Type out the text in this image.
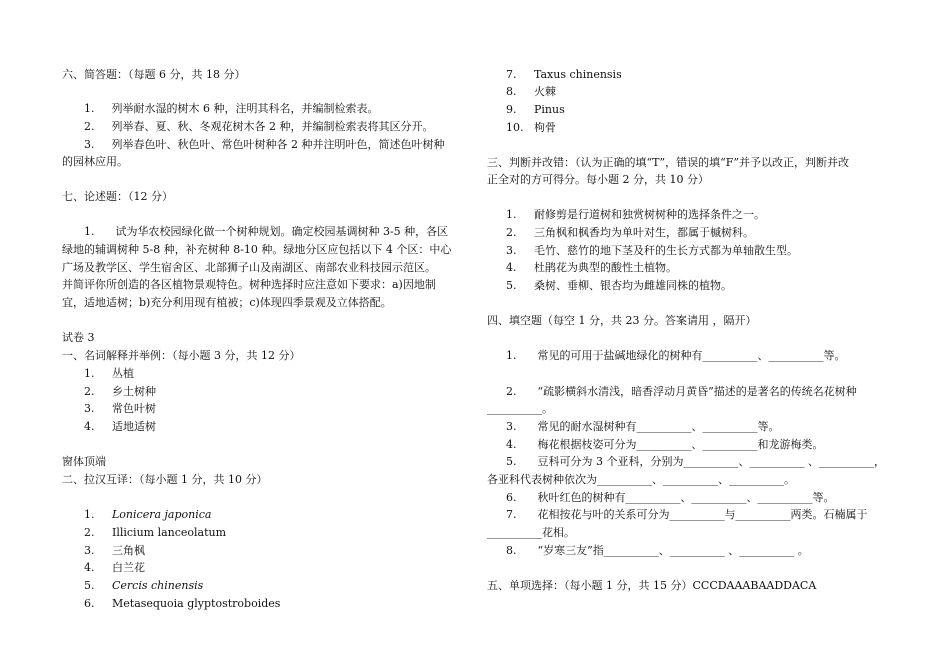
六、简答题：（每题 6 分，共 18 分）
1. 列举耐水湿的树木 6 种，注明其科名，并编制检索表。
2. 列举春、夏、秋、冬观花树木各 2 种，并编制检索表将其区分开。
3. 列举春色叶、秋色叶、常色叶树种各 2 种并注明叶色，简述色叶树种
的园林应用。
七、论述题：（12 分）
1.      试为华农校园绿化做一个树种规划。确定校园基调树种 3-5 种，各区
绿地的辅调树种 5-8 种，补充树种 8-10 种。绿地分区应包括以下 4 个区：中心
广场及教学区、学生宿舍区、北部狮子山及南湖区、南部农业科技园示范区。
并简评你所创造的各区植物景观特色。树种选择时应注意如下要求：a)因地制
宜，适地适树；b)充分利用现有植被；c)体现四季景观及立体搭配。
试卷 3
一、名词解释并举例：（每小题 3 分，共 12 分）
1.	丛植
2.	乡土树种
3.	常色叶树
4.	适地适树
窗体顶端
二、拉汉互译：（每小题 1 分，共 10 分）
1.	Lonicera japonica
2.	Illicium lanceolatum
3.	三角枫
4.	白兰花
5.	Cercis chinensis
6.	Metasequoia glyptostroboides
7.	Taxus chinensis
8.	火棘
9.	Pinus
10. 枸骨
三、判断并改错：（认为正确的填“T”，错误的填“F”并予以改正，判断并改
正全对的方可得分。每小题 2 分，共 10 分）
1.	耐修剪是行道树和独赏树树种的选择条件之一。
2.	三角枫和枫香均为单叶对生，都属于槭树科。
3.	毛竹、慈竹的地下茎及秆的生长方式都为单轴散生型。
4.	杜鹃花为典型的酸性土植物。
5.	桑树、垂柳、银杏均为雌雄同株的植物。
四、填空题（每空 1 分，共 23 分。答案请用 ，隔开）
1.      常见的可用于盐碱地绿化的树种有__________、__________等。
2.      “疏影横斜水清浅，暗香浮动月黄昏”描述的是著名的传统名花树种
__________。
3.      常见的耐水湿树种有__________、__________等。
4.      梅花根据枝姿可分为__________、__________和龙游梅类。
5.      豆科可分为 3 个亚科，分别为__________、__________ 、__________，
各亚科代表树种依次为__________、__________、__________。
6.      秋叶红色的树种有__________、__________、__________等。
7.      花相按花与叶的关系可分为__________与__________两类。石楠属于
__________花相。
8.      “岁寒三友”指__________、__________ 、__________ 。
五、单项选择：（每小题 1 分，共 15 分）CCCDAAABAADDACA
